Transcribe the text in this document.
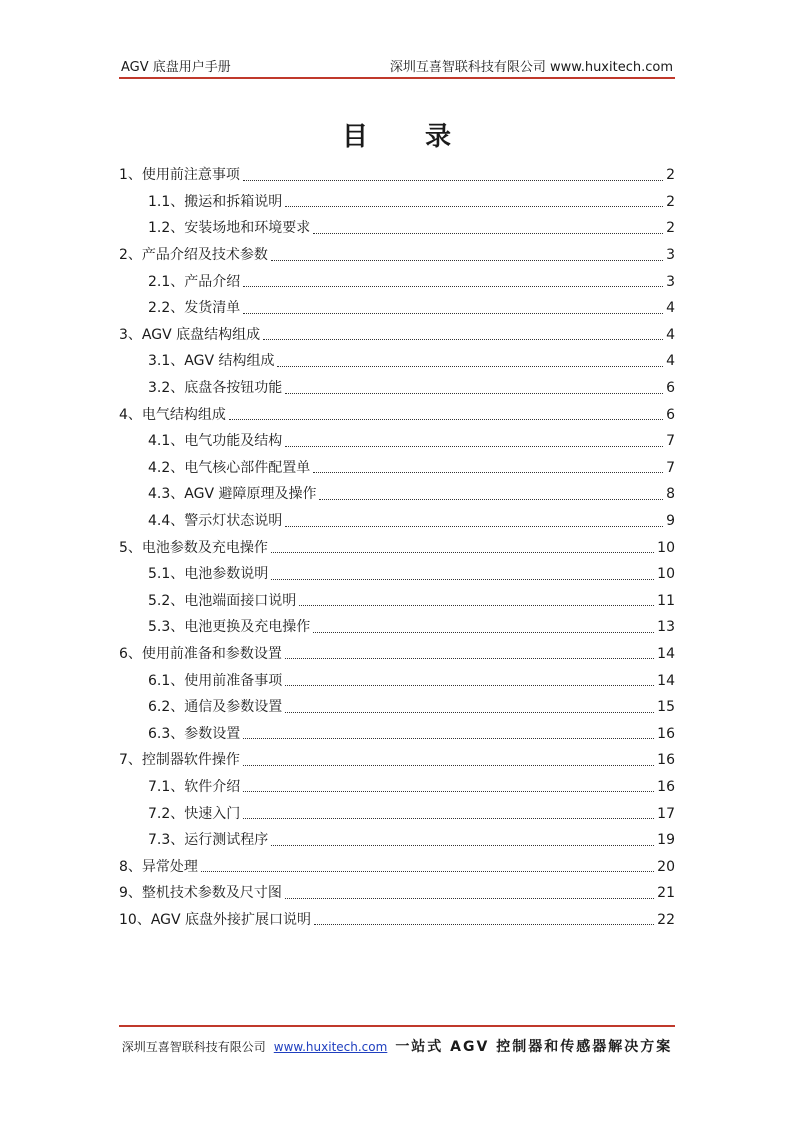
AGV 底盘用户手册	深圳互喜智联科技有限公司 www.huxitech.com
目 录
1、使用前注意事项	2
1.1、搬运和拆箱说明	2
1.2、安装场地和环境要求	2
2、产品介绍及技术参数	3
2.1、产品介绍	3
2.2、发货清单	4
3、AGV 底盘结构组成	4
3.1、AGV 结构组成	4
3.2、底盘各按钮功能	6
4、电气结构组成	6
4.1、电气功能及结构	7
4.2、电气核心部件配置单	7
4.3、AGV 避障原理及操作	8
4.4、警示灯状态说明	9
5、电池参数及充电操作	10
5.1、电池参数说明	10
5.2、电池端面接口说明	11
5.3、电池更换及充电操作	13
6、使用前准备和参数设置	14
6.1、使用前准备事项	14
6.2、通信及参数设置	15
6.3、参数设置	16
7、控制器软件操作	16
7.1、软件介绍	16
7.2、快速入门	17
7.3、运行测试程序	19
8、异常处理	20
9、整机技术参数及尺寸图	21
10、AGV 底盘外接扩展口说明	22
深圳互喜智联科技有限公司 www.huxitech.com 一站式 AGV 控制器和传感器解决方案
